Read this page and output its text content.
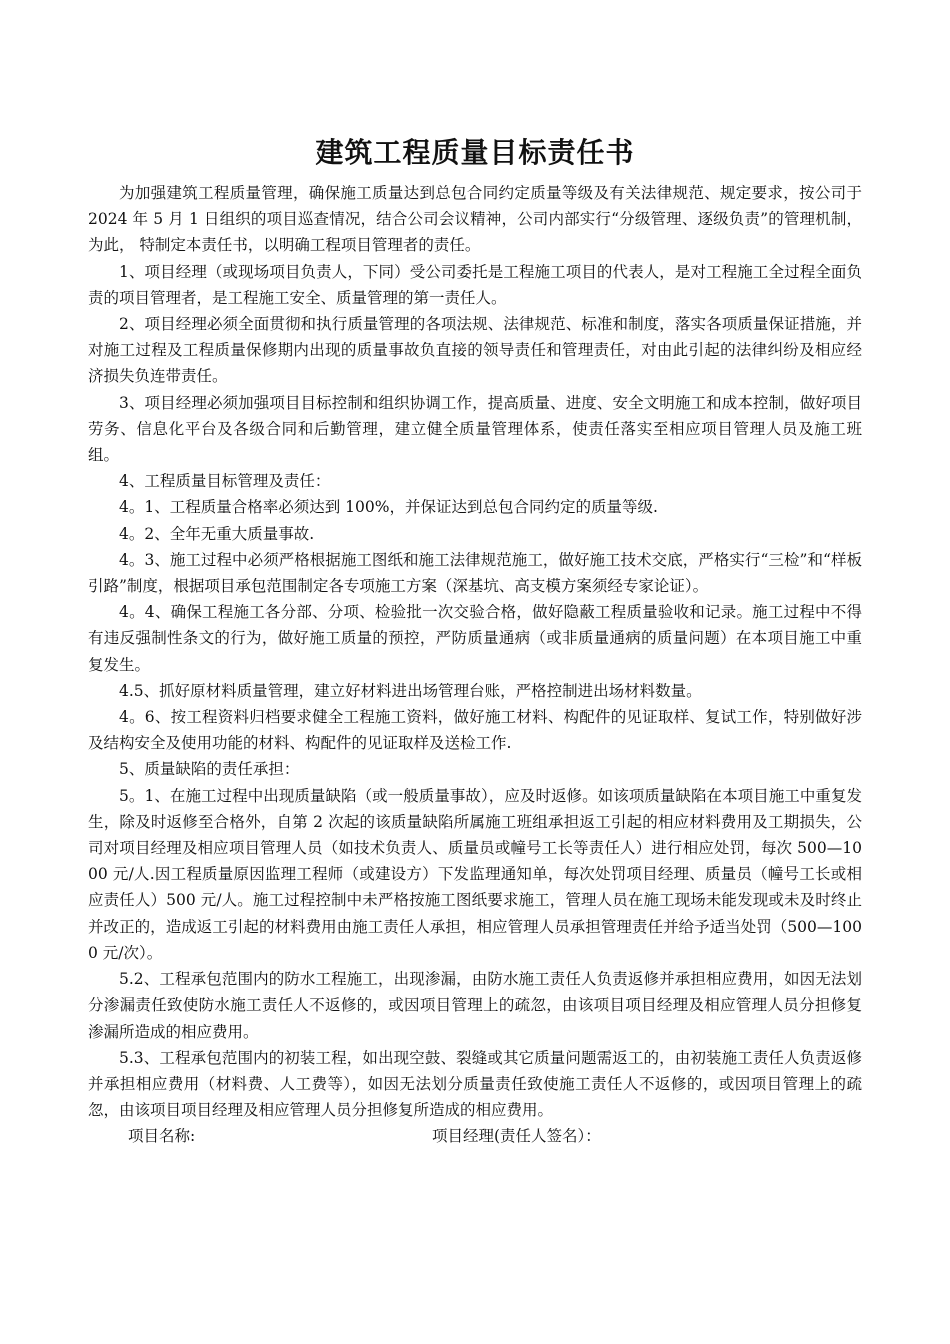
建筑工程质量目标责任书

为加强建筑工程质量管理，确保施工质量达到总包合同约定质量等级及有关法律规范、规定要求，按公司于 2024 年 5 月 1 日组织的项目巡查情况，结合公司会议精神，公司内部实行“分级管理、逐级负责”的管理机制，为此， 特制定本责任书，以明确工程项目管理者的责任。

1、项目经理（或现场项目负责人，下同）受公司委托是工程施工项目的代表人，是对工程施工全过程全面负责的项目管理者，是工程施工安全、质量管理的第一责任人。

2、项目经理必须全面贯彻和执行质量管理的各项法规、法律规范、标准和制度，落实各项质量保证措施，并对施工过程及工程质量保修期内出现的质量事故负直接的领导责任和管理责任，对由此引起的法律纠纷及相应经济损失负连带责任。

3、项目经理必须加强项目目标控制和组织协调工作，提高质量、进度、安全文明施工和成本控制，做好项目劳务、信息化平台及各级合同和后勤管理，建立健全质量管理体系，使责任落实至相应项目管理人员及施工班组。

4、工程质量目标管理及责任：

4。1、工程质量合格率必须达到 100%，并保证达到总包合同约定的质量等级.

4。2、全年无重大质量事故.

4。3、施工过程中必须严格根据施工图纸和施工法律规范施工，做好施工技术交底，严格实行“三检”和“样板引路”制度，根据项目承包范围制定各专项施工方案（深基坑、高支模方案须经专家论证）。

4。4、确保工程施工各分部、分项、检验批一次交验合格，做好隐蔽工程质量验收和记录。施工过程中不得有违反强制性条文的行为，做好施工质量的预控，严防质量通病（或非质量通病的质量问题）在本项目施工中重复发生。

4.5、抓好原材料质量管理，建立好材料进出场管理台账，严格控制进出场材料数量。

4。6、按工程资料归档要求健全工程施工资料，做好施工材料、构配件的见证取样、复试工作，特别做好涉及结构安全及使用功能的材料、构配件的见证取样及送检工作.

5、质量缺陷的责任承担：

5。1、在施工过程中出现质量缺陷（或一般质量事故），应及时返修。如该项质量缺陷在本项目施工中重复发生，除及时返修至合格外，自第 2 次起的该质量缺陷所属施工班组承担返工引起的相应材料费用及工期损失，公司对项目经理及相应项目管理人员（如技术负责人、质量员或幢号工长等责任人）进行相应处罚，每次 500—1000 元/人.因工程质量原因监理工程师（或建设方）下发监理通知单，每次处罚项目经理、质量员（幢号工长或相应责任人）500 元/人。施工过程控制中未严格按施工图纸要求施工，管理人员在施工现场未能发现或未及时终止并改正的，造成返工引起的材料费用由施工责任人承担，相应管理人员承担管理责任并给予适当处罚（500—1000 元/次）。

5.2、工程承包范围内的防水工程施工，出现渗漏，由防水施工责任人负责返修并承担相应费用，如因无法划分渗漏责任致使防水施工责任人不返修的，或因项目管理上的疏忽，由该项目项目经理及相应管理人员分担修复渗漏所造成的相应费用。

5.3、工程承包范围内的初装工程，如出现空鼓、裂缝或其它质量问题需返工的，由初装施工责任人负责返修并承担相应费用（材料费、人工费等），如因无法划分质量责任致使施工责任人不返修的，或因项目管理上的疏忽，由该项目项目经理及相应管理人员分担修复所造成的相应费用。

项目名称:	项目经理(责任人签名）：
